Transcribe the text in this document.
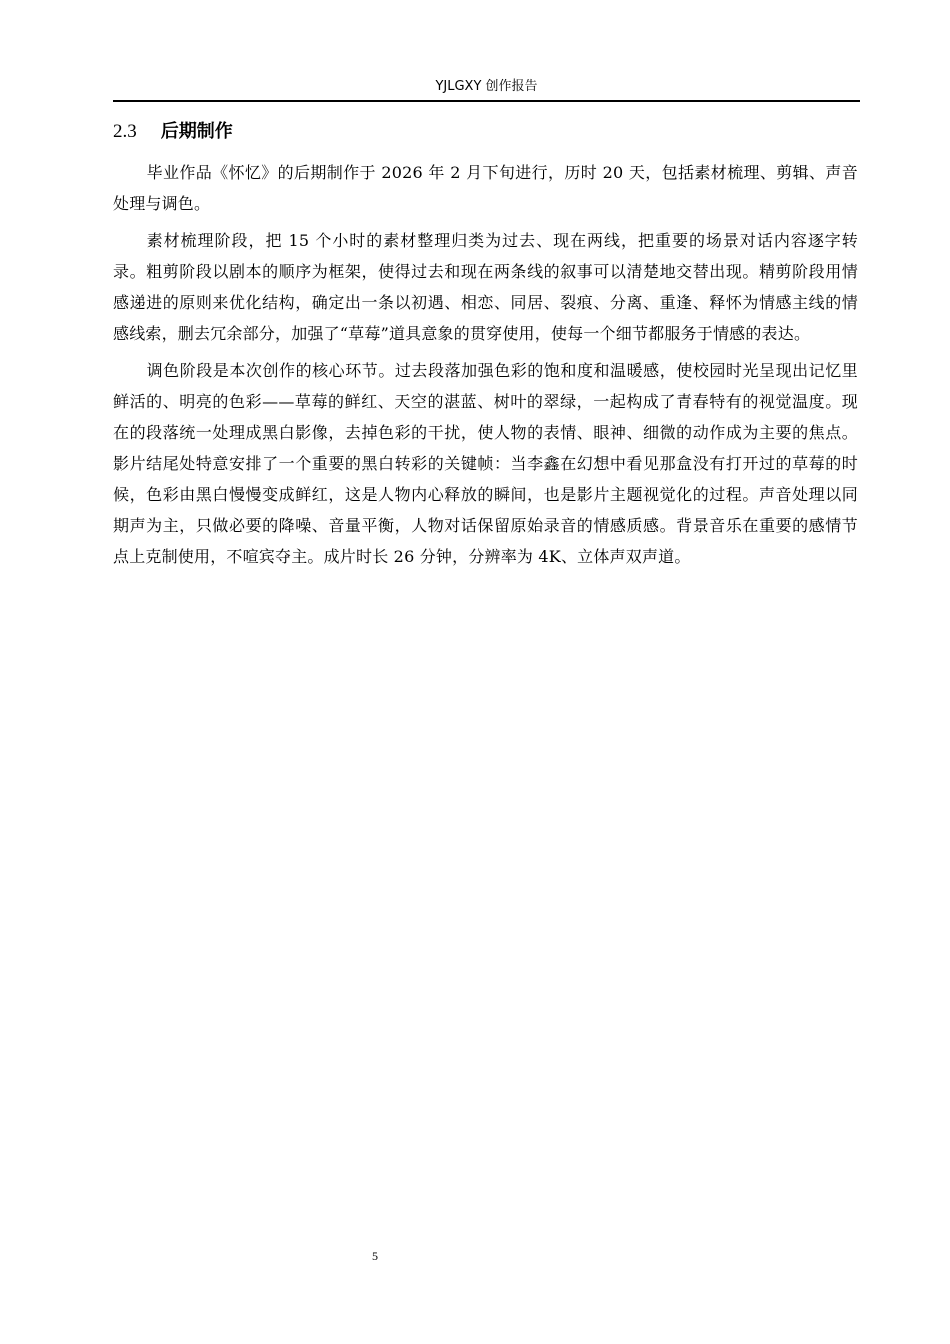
YJLGXY 创作报告
2.3 后期制作

毕业作品《怀忆》的后期制作于 2026 年 2 月下旬进行，历时 20 天，包括素材梳理、剪辑、声音处理与调色。

素材梳理阶段，把 15 个小时的素材整理归类为过去、现在两线，把重要的场景对话内容逐字转录。粗剪阶段以剧本的顺序为框架，使得过去和现在两条线的叙事可以清楚地交替出现。精剪阶段用情感递进的原则来优化结构，确定出一条以初遇、相恋、同居、裂痕、分离、重逢、释怀为情感主线的情感线索，删去冗余部分，加强了“草莓”道具意象的贯穿使用，使每一个细节都服务于情感的表达。

调色阶段是本次创作的核心环节。过去段落加强色彩的饱和度和温暖感，使校园时光呈现出记忆里鲜活的、明亮的色彩——草莓的鲜红、天空的湛蓝、树叶的翠绿，一起构成了青春特有的视觉温度。现在的段落统一处理成黑白影像，去掉色彩的干扰，使人物的表情、眼神、细微的动作成为主要的焦点。影片结尾处特意安排了一个重要的黑白转彩的关键帧：当李鑫在幻想中看见那盒没有打开过的草莓的时候，色彩由黑白慢慢变成鲜红，这是人物内心释放的瞬间，也是影片主题视觉化的过程。声音处理以同期声为主，只做必要的降噪、音量平衡，人物对话保留原始录音的情感质感。背景音乐在重要的感情节点上克制使用，不喧宾夺主。成片时长 26 分钟，分辨率为 4K、立体声双声道。

5
